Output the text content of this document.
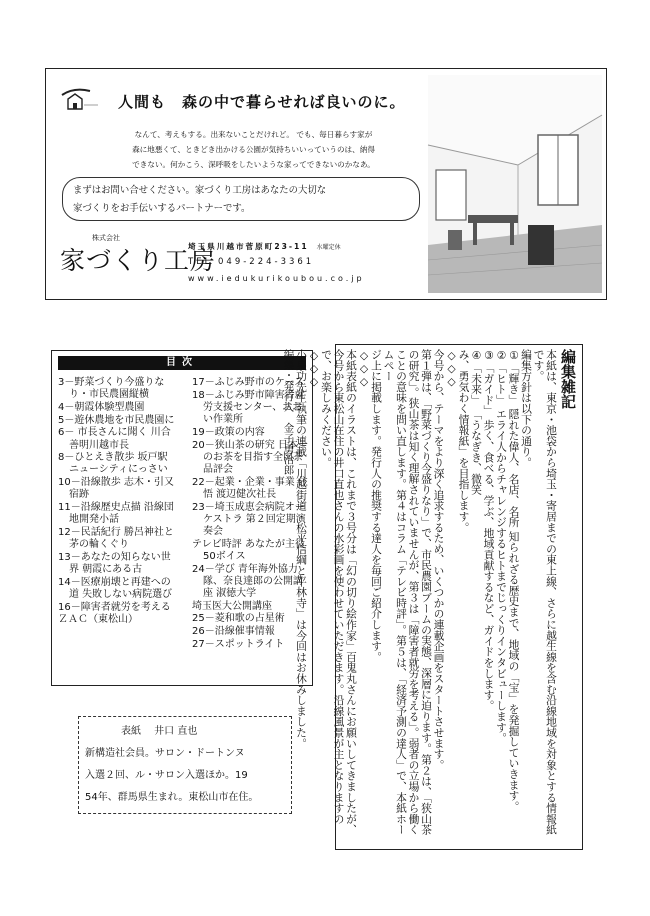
人間も　森の中で暮らせれば良いのに。

なんて、考えもする。出来ないことだけれど。 でも、毎日暮らす家が

森に地悪くて、ときどき出かける公園が気持ちいいっていうのは、納得

できない。何かこう、深呼吸をしたいような家ってできないのかなあ。

まずはお問い合せください。家づくり工房はあなたの大切な

家づくりをお手伝いするパートナーです。

株式会社
家づくり工房
埼玉県川越市菅原町23-11 水曜定休
TEL 049-224-3361
www.iedukurikoubou.co.jp
目次

3－野菜づくり今盛りなり・市民農園縦横

4－朝霞体験型農園

5－遊休農地を市民農園に

6－ 市長さんに聞く 川合善明川越市長

8－ひとえき散歩 坂戸駅 ニューシティにっさい

10－沿線散歩 志木・引又宿跡

11－沿線歴史点描 沿線団地開発小話

12－民話紀行 勝呂神社と茅の輪くぐり

13－あなたの知らない世界 朝霞にある古

14－医療崩壊と再建への道 失敗しない病院選び

16－障害者就労を考える

ＺＡＣ（東松山）

17－ふじみ野市のケース

18－ふじみ野市障害者就労支援センター、おおい作業所

19－政策の内容

20－狭山茶の研究 日本一のお茶を目指す全国茶品評会

22－起業・企業・事業 住悟 渡辺健次社長

23－埼玉成恵会病院オーケストラ 第２回定期演奏会

テレビ時評 あなたが主役50ボイス

24－学び 青年海外協力隊、奈良達郎の公開講座 淑徳大学

埼玉医大公開講座

25－菱和歌の占星術

26－沿線催事情報

27－スポットライト

表紙　 井口 直也

新構造社会員。サロン・ドートンヌ

入選２回、ル・サロン入選ほか。19

54年、群馬県生まれ。東松山市在住。

編集雑記

本紙は、東京・池袋から埼玉・寄居までの東上線、さらに越生線を含む沿線地域を対象とする情報紙です。

編集方針は以下の通り。

①「輝き」 隠れた偉人、名店、名所 知られざる歴史まで、地域の「宝」を発掘していきます。

②「ヒト」 エライ人からチャレンジするヒトまでじっくりインタビューします。

③「ガイド」 歩く、食べる、学ぶ、地域貢献するなど、ガイドをします。

④「未来」 「うなぎき、微笑

み、勇気わく情報紙」を目指します。

◇◇◇

今号から、テーマをより深く追求するため、いくつかの連載企画をスタートさせます。

第１弾は、「野菜づくり今盛りなり」で、市民農園ブームの実態、深層に迫ります。第２は、「狭山茶の研究」。狭山茶は知く理解されていませんが、第３は「障害者就労を考える」。弱者の立場から働くことの意味を問い直します。第４はコラム「テレビ時評」。第５は、「経済予測の達人」で、本紙ホームペー

ジ上に掲載します。発行人の推奨する達人を毎回ご紹介します。

◇◇◇

本紙表紙のイラストは、これまで３号分は「幻の切り絵作家」百鬼丸さんにお願いしてきましたが、今号から東松山在住の井口直也さんの水彩画を使わせていただきます。沿線風景が主となりますので、お楽しみください。

◇◇◇

小泉功先生執筆の連載「川越街道・松平信綱と平林寺」は今回はお休みしました。

編集・発行人　金子勇治郎
